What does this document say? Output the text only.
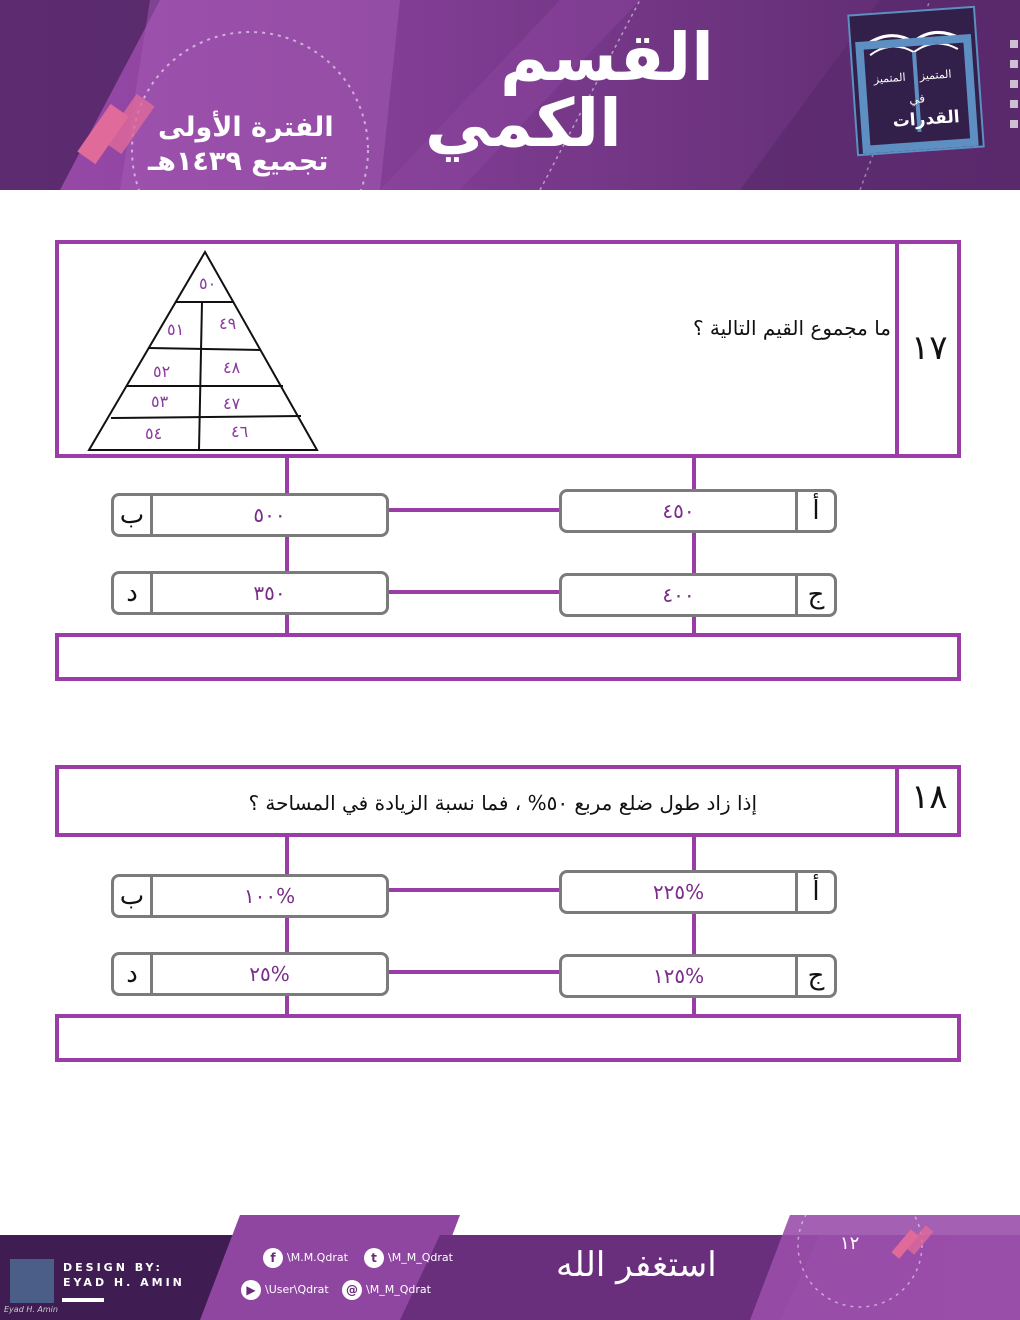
القسم
الكمي
الفترة الأولى
تجميع ١٤٣٩هـ
المتميز المتميز
في
القدرات
١٧
ما مجموع القيم التالية ؟
٥٠
٥١ ٤٩
٥٢	٤٨
٥٣	٤٧
٥٤	٤٦
٤٥٠	أ
ب	٥٠٠
٤٠٠	ج
د	٣٥٠
١٨
إذا زاد طول ضلع مربع ٥٠% ، فما نسبة الزيادة في المساحة ؟
%٢٢٥	أ
ب	%١٠٠
%١٢٥	ج
د	%٢٥
Eyad H. Amin
DESIGN BY:
EYAD H. AMIN
f	\M.M.Qdrat	t	\M_M_Qdrat
▶ \User\Qdrat	@ \M_M_Qdrat
استغفر الله
١٢
